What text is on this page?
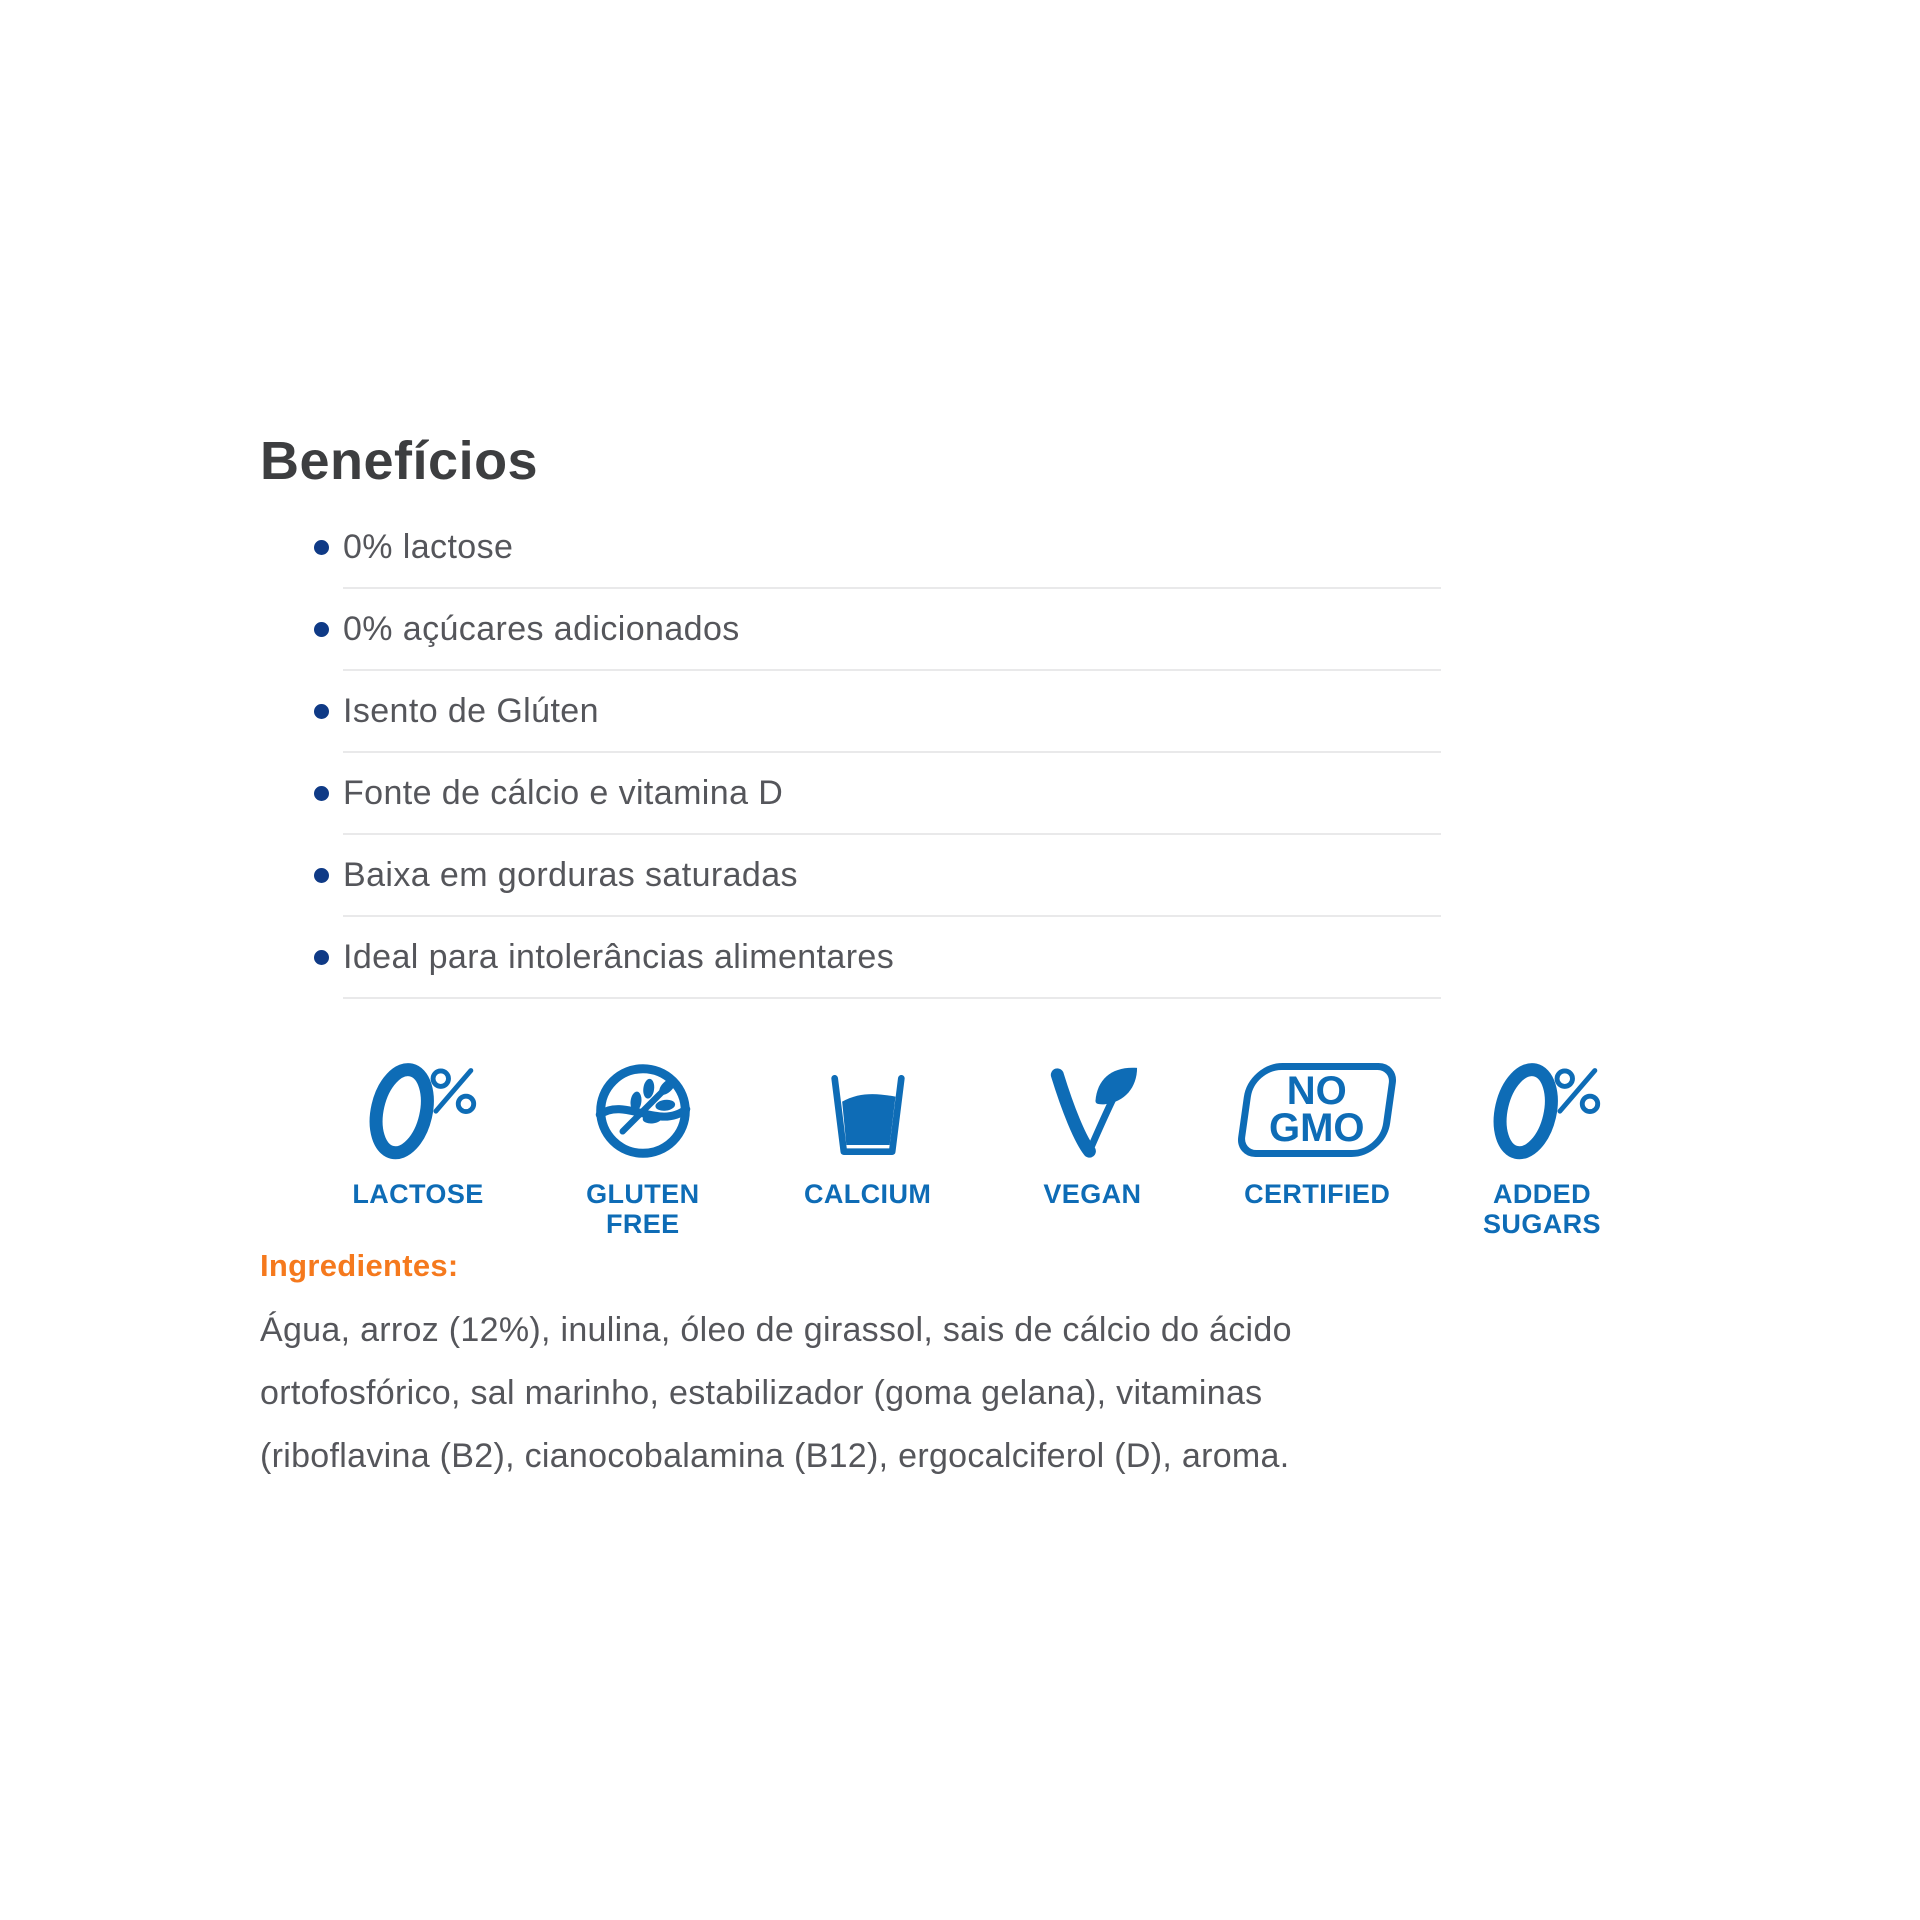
Benefícios
0% lactose
0% açúcares adicionados
Isento de Glúten
Fonte de cálcio e vitamina D
Baixa em gorduras saturadas
Ideal para intolerâncias alimentares
LACTOSE	GLUTEN FREE
CALCIUM	VEGAN
NO
GMO
CERTIFIED	ADDED SUGARS
Ingredientes:
Água, arroz (12%), inulina, óleo de girassol, sais de cálcio do ácido
ortofosfórico, sal marinho, estabilizador (goma gelana), vitaminas
(riboflavina (B2), cianocobalamina (B12), ergocalciferol (D), aroma.
